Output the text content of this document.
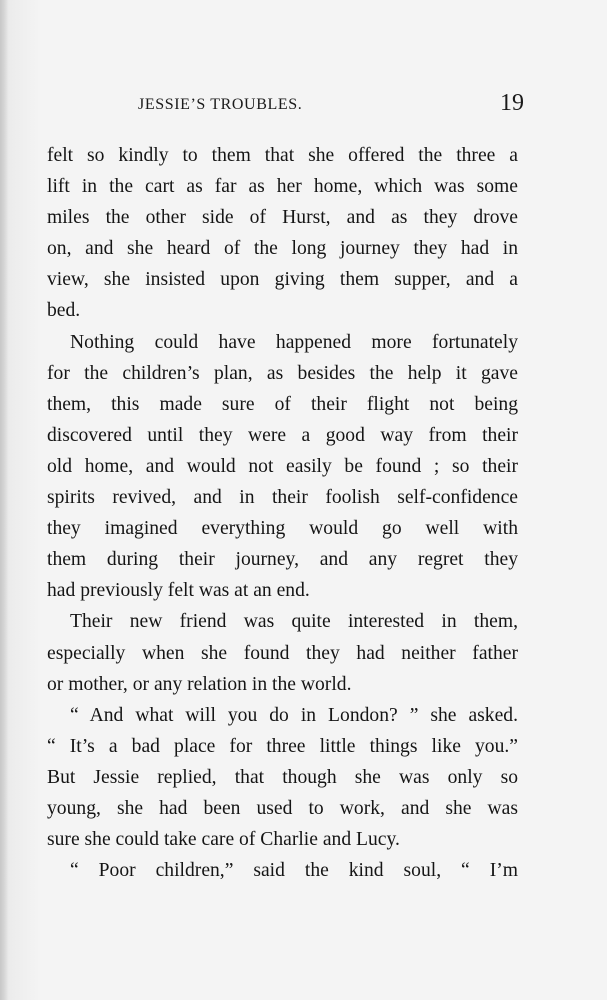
JESSIE’S TROUBLES.	19
felt so kindly to them that she offered the three a
lift in the cart as far as her home, which was some
miles the other side of Hurst, and as they drove
on, and she heard of the long journey they had in
view, she insisted upon giving them supper, and a
bed.
Nothing could have happened more fortunately
for the children’s plan, as besides the help it gave
them, this made sure of their flight not being
discovered until they were a good way from their
old home, and would not easily be found ; so their
spirits revived, and in their foolish self-confidence
they imagined everything would go well with
them during their journey, and any regret they
had previously felt was at an end.
Their new friend was quite interested in them,
especially when she found they had neither father
or mother, or any relation in the world.
“ And what will you do in London? ” she asked.
“ It’s a bad place for three little things like you.”
But Jessie replied, that though she was only so
young, she had been used to work, and she was
sure she could take care of Charlie and Lucy.
“ Poor children,” said the kind soul, “ I’m
